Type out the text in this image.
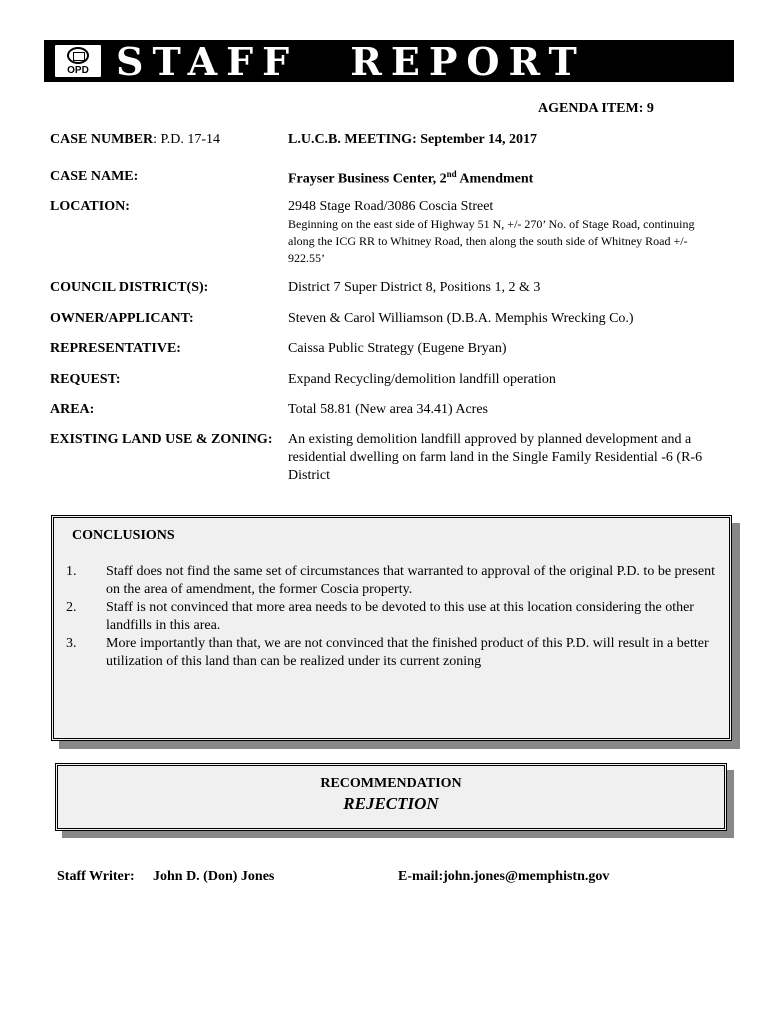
OPD STAFF REPORT
AGENDA ITEM: 9
CASE NUMBER: P.D. 17-14	L.U.C.B. MEETING: September 14, 2017
CASE NAME:	Frayser Business Center, 2nd Amendment
LOCATION:	2948 Stage Road/3086 Coscia Street
Beginning on the east side of Highway 51 N, +/- 270’ No. of Stage Road, continuing along the ICG RR to Whitney Road, then along the south side of Whitney Road +/- 922.55’
COUNCIL DISTRICT(S):	District 7 Super District 8, Positions 1, 2 & 3
OWNER/APPLICANT:	Steven & Carol Williamson (D.B.A. Memphis Wrecking Co.)
REPRESENTATIVE:	Caissa Public Strategy (Eugene Bryan)
REQUEST:	Expand Recycling/demolition landfill operation
AREA:	Total 58.81 (New area 34.41) Acres
EXISTING LAND USE & ZONING: An existing demolition landfill approved by planned development and a residential dwelling on farm land in the Single Family Residential -6 (R-6 District
CONCLUSIONS
1. Staff does not find the same set of circumstances that warranted to approval of the original P.D. to be present on the area of amendment, the former Coscia property.
2. Staff is not convinced that more area needs to be devoted to this use at this location considering the other landfills in this area.
3. More importantly than that, we are not convinced that the finished product of this P.D. will result in a better utilization of this land than can be realized under its current zoning
RECOMMENDATION
REJECTION
Staff Writer: John D. (Don) Jones	E-mail:john.jones@memphistn.gov
